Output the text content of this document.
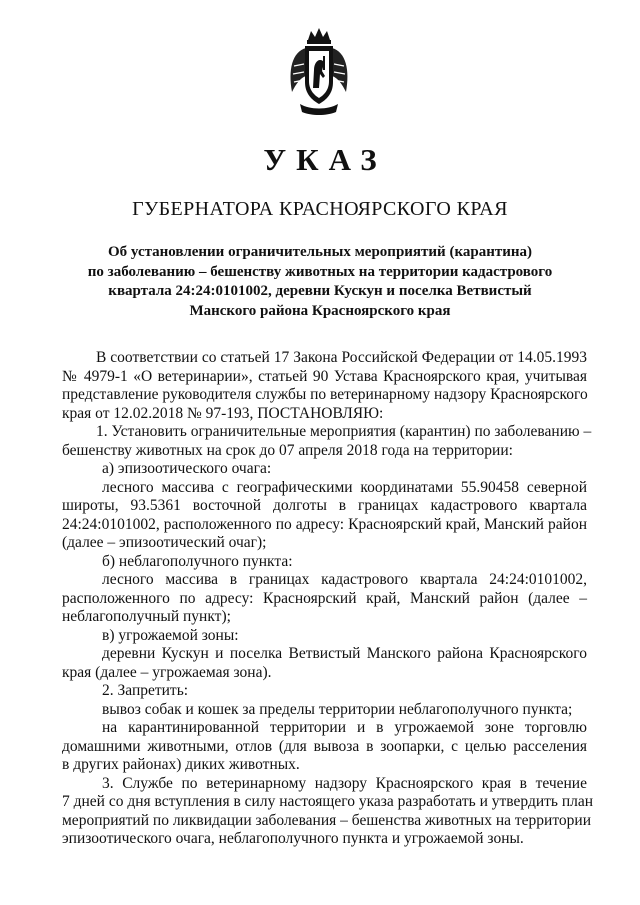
УКАЗ
ГУБЕРНАТОРА КРАСНОЯРСКОГО КРАЯ
Об установлении ограничительных мероприятий (карантина)
по заболеванию – бешенству животных на территории кадастрового
квартала 24:24:0101002, деревни Кускун и поселка Ветвистый
Манского района Красноярского края
В соответствии со статьей 17 Закона Российской Федерации от 14.05.1993
№ 4979-1 «О ветеринарии», статьей 90 Устава Красноярского края, учитывая
представление руководителя службы по ветеринарному надзору Красноярского
края от 12.02.2018 № 97-193, ПОСТАНОВЛЯЮ:
1. Установить ограничительные мероприятия (карантин) по заболеванию –
бешенству животных на срок до 07 апреля 2018 года на территории:
а) эпизоотического очага:
лесного массива с географическими координатами 55.90458 северной
широты, 93.5361 восточной долготы в границах кадастрового квартала
24:24:0101002, расположенного по адресу: Красноярский край, Манский район
(далее – эпизоотический очаг);
б) неблагополучного пункта:
лесного массива в границах кадастрового квартала 24:24:0101002,
расположенного по адресу: Красноярский край, Манский район (далее –
неблагополучный пункт);
в) угрожаемой зоны:
деревни Кускун и поселка Ветвистый Манского района Красноярского
края (далее – угрожаемая зона).
2. Запретить:
вывоз собак и кошек за пределы территории неблагополучного пункта;
на карантинированной территории и в угрожаемой зоне торговлю
домашними животными, отлов (для вывоза в зоопарки, с целью расселения
в других районах) диких животных.
3. Службе по ветеринарному надзору Красноярского края в течение
7 дней со дня вступления в силу настоящего указа разработать и утвердить план
мероприятий по ликвидации заболевания – бешенства животных на территории
эпизоотического очага, неблагополучного пункта и угрожаемой зоны.
